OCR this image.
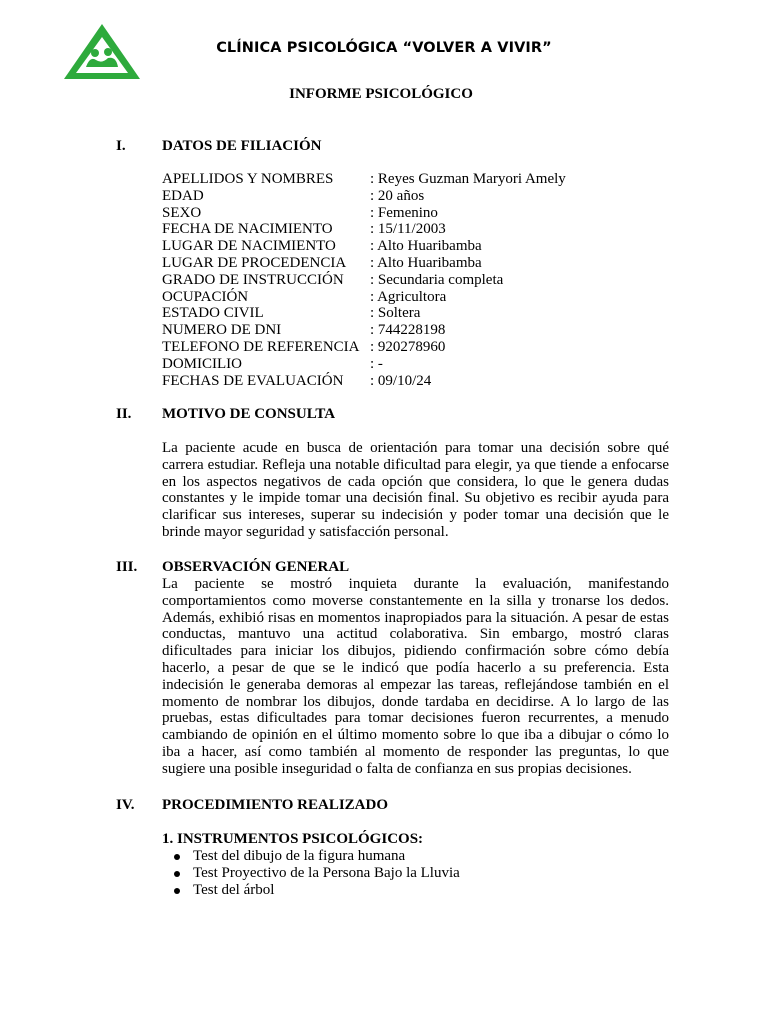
CLÍNICA PSICOLÓGICA “VOLVER A VIVIR”
INFORME PSICOLÓGICO
I. DATOS DE FILIACIÓN
APELLIDOS Y NOMBRES : Reyes Guzman Maryori Amely
EDAD	: 20 años
SEXO	: Femenino
FECHA DE NACIMIENTO : 15/11/2003
LUGAR DE NACIMIENTO : Alto Huaribamba
LUGAR DE PROCEDENCIA : Alto Huaribamba
GRADO DE INSTRUCCIÓN : Secundaria completa
OCUPACIÓN	: Agricultora
ESTADO CIVIL	: Soltera
NUMERO DE DNI	: 744228198
TELEFONO DE REFERENCIA : 920278960
DOMICILIO	: -
FECHAS DE EVALUACIÓN : 09/10/24
II. MOTIVO DE CONSULTA
La paciente acude en busca de orientación para tomar una decisión sobre qué carrera estudiar. Refleja una notable dificultad para elegir, ya que tiende a enfocarse en los aspectos negativos de cada opción que considera, lo que le genera dudas constantes y le impide tomar una decisión final. Su objetivo es recibir ayuda para clarificar sus intereses, superar su indecisión y poder tomar una decisión que le brinde mayor seguridad y satisfacción personal.
III. OBSERVACIÓN GENERAL
La paciente se mostró inquieta durante la evaluación, manifestando comportamientos como moverse constantemente en la silla y tronarse los dedos. Además, exhibió risas en momentos inapropiados para la situación. A pesar de estas conductas, mantuvo una actitud colaborativa. Sin embargo, mostró claras dificultades para iniciar los dibujos, pidiendo confirmación sobre cómo debía hacerlo, a pesar de que se le indicó que podía hacerlo a su preferencia. Esta indecisión le generaba demoras al empezar las tareas, reflejándose también en el momento de nombrar los dibujos, donde tardaba en decidirse. A lo largo de las pruebas, estas dificultades para tomar decisiones fueron recurrentes, a menudo cambiando de opinión en el último momento sobre lo que iba a dibujar o cómo lo iba a hacer, así como también al momento de responder las preguntas, lo que sugiere una posible inseguridad o falta de confianza en sus propias decisiones.
IV. PROCEDIMIENTO REALIZADO
1. INSTRUMENTOS PSICOLÓGICOS:
Test del dibujo de la figura humana
Test Proyectivo de la Persona Bajo la Lluvia
Test del árbol
